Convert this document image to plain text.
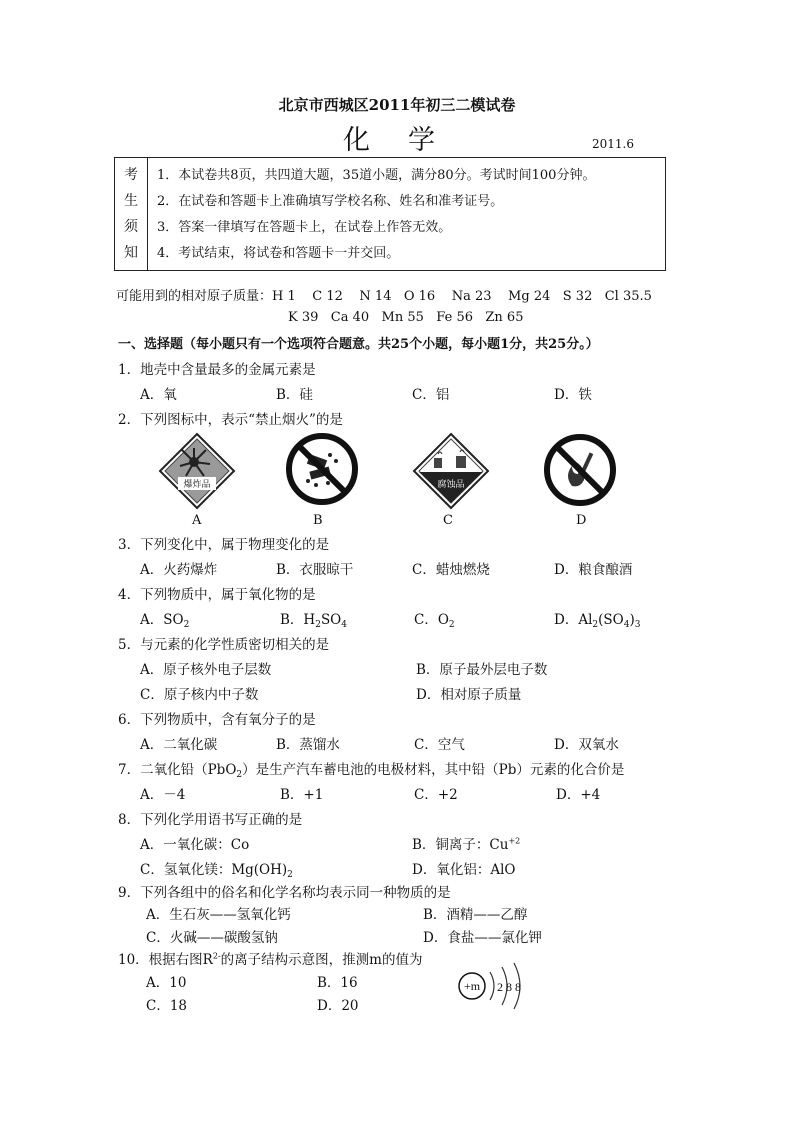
北京市西城区2011年初三二模试卷
化学	2011.6
考
生
须
知

1．本试卷共8页，共四道大题，35道小题，满分80分。考试时间100分钟。
2．在试卷和答题卡上准确填写学校名称、姓名和准考证号。
3．答案一律填写在答题卡上，在试卷上作答无效。
4．考试结束，将试卷和答题卡一并交回。
可能用到的相对原子质量：H 1    C 12    N 14   O 16    Na 23    Mg 24   S 32   Cl 35.5
K 39   Ca 40   Mn 55   Fe 56   Zn 65
一、选择题（每小题只有一个选项符合题意。共25个小题，每小题1分，共25分。）
1．地壳中含量最多的金属元素是
A．氧	B．硅	C．铝	D．铁
2．下列图标中，表示“禁止烟火”的是
爆炸品	腐蚀品
A	B	C	D
3．下列变化中，属于物理变化的是
A．火药爆炸	B．衣服晾干	C．蜡烛燃烧	D．粮食酿酒
4．下列物质中，属于氧化物的是
A．$SO_2$	B．$H_2SO_4$	C．$O_2$	D．$Al_2(SO_4)_3$
5．与元素的化学性质密切相关的是
A．原子核外电子层数	B．原子最外层电子数
C．原子核内中子数	D．相对原子质量
6．下列物质中，含有氧分子的是
A．二氧化碳	B．蒸馏水	C．空气	D．双氧水
7．二氧化铅（PbO$_2$）是生产汽车蓄电池的电极材料，其中铅（Pb）元素的化合价是
A．－4	B．+1	C．+2	D．+4
8．下列化学用语书写正确的是
A．一氧化碳：Co	B．铜离子：$Cu^{+2}$
C．氢氧化镁：$Mg(OH)_2$	D．氧化铝：AlO
9．下列各组中的俗名和化学名称均表示同一种物质的是
A．生石灰——氢氧化钙	B．酒精——乙醇
C．火碱——碳酸氢钠	D．食盐——氯化钾
10．根据右图$R^{2-}$的离子结构示意图，推测m的值为
A．10	B．16
C．18	D．20
+m 2 8 8
